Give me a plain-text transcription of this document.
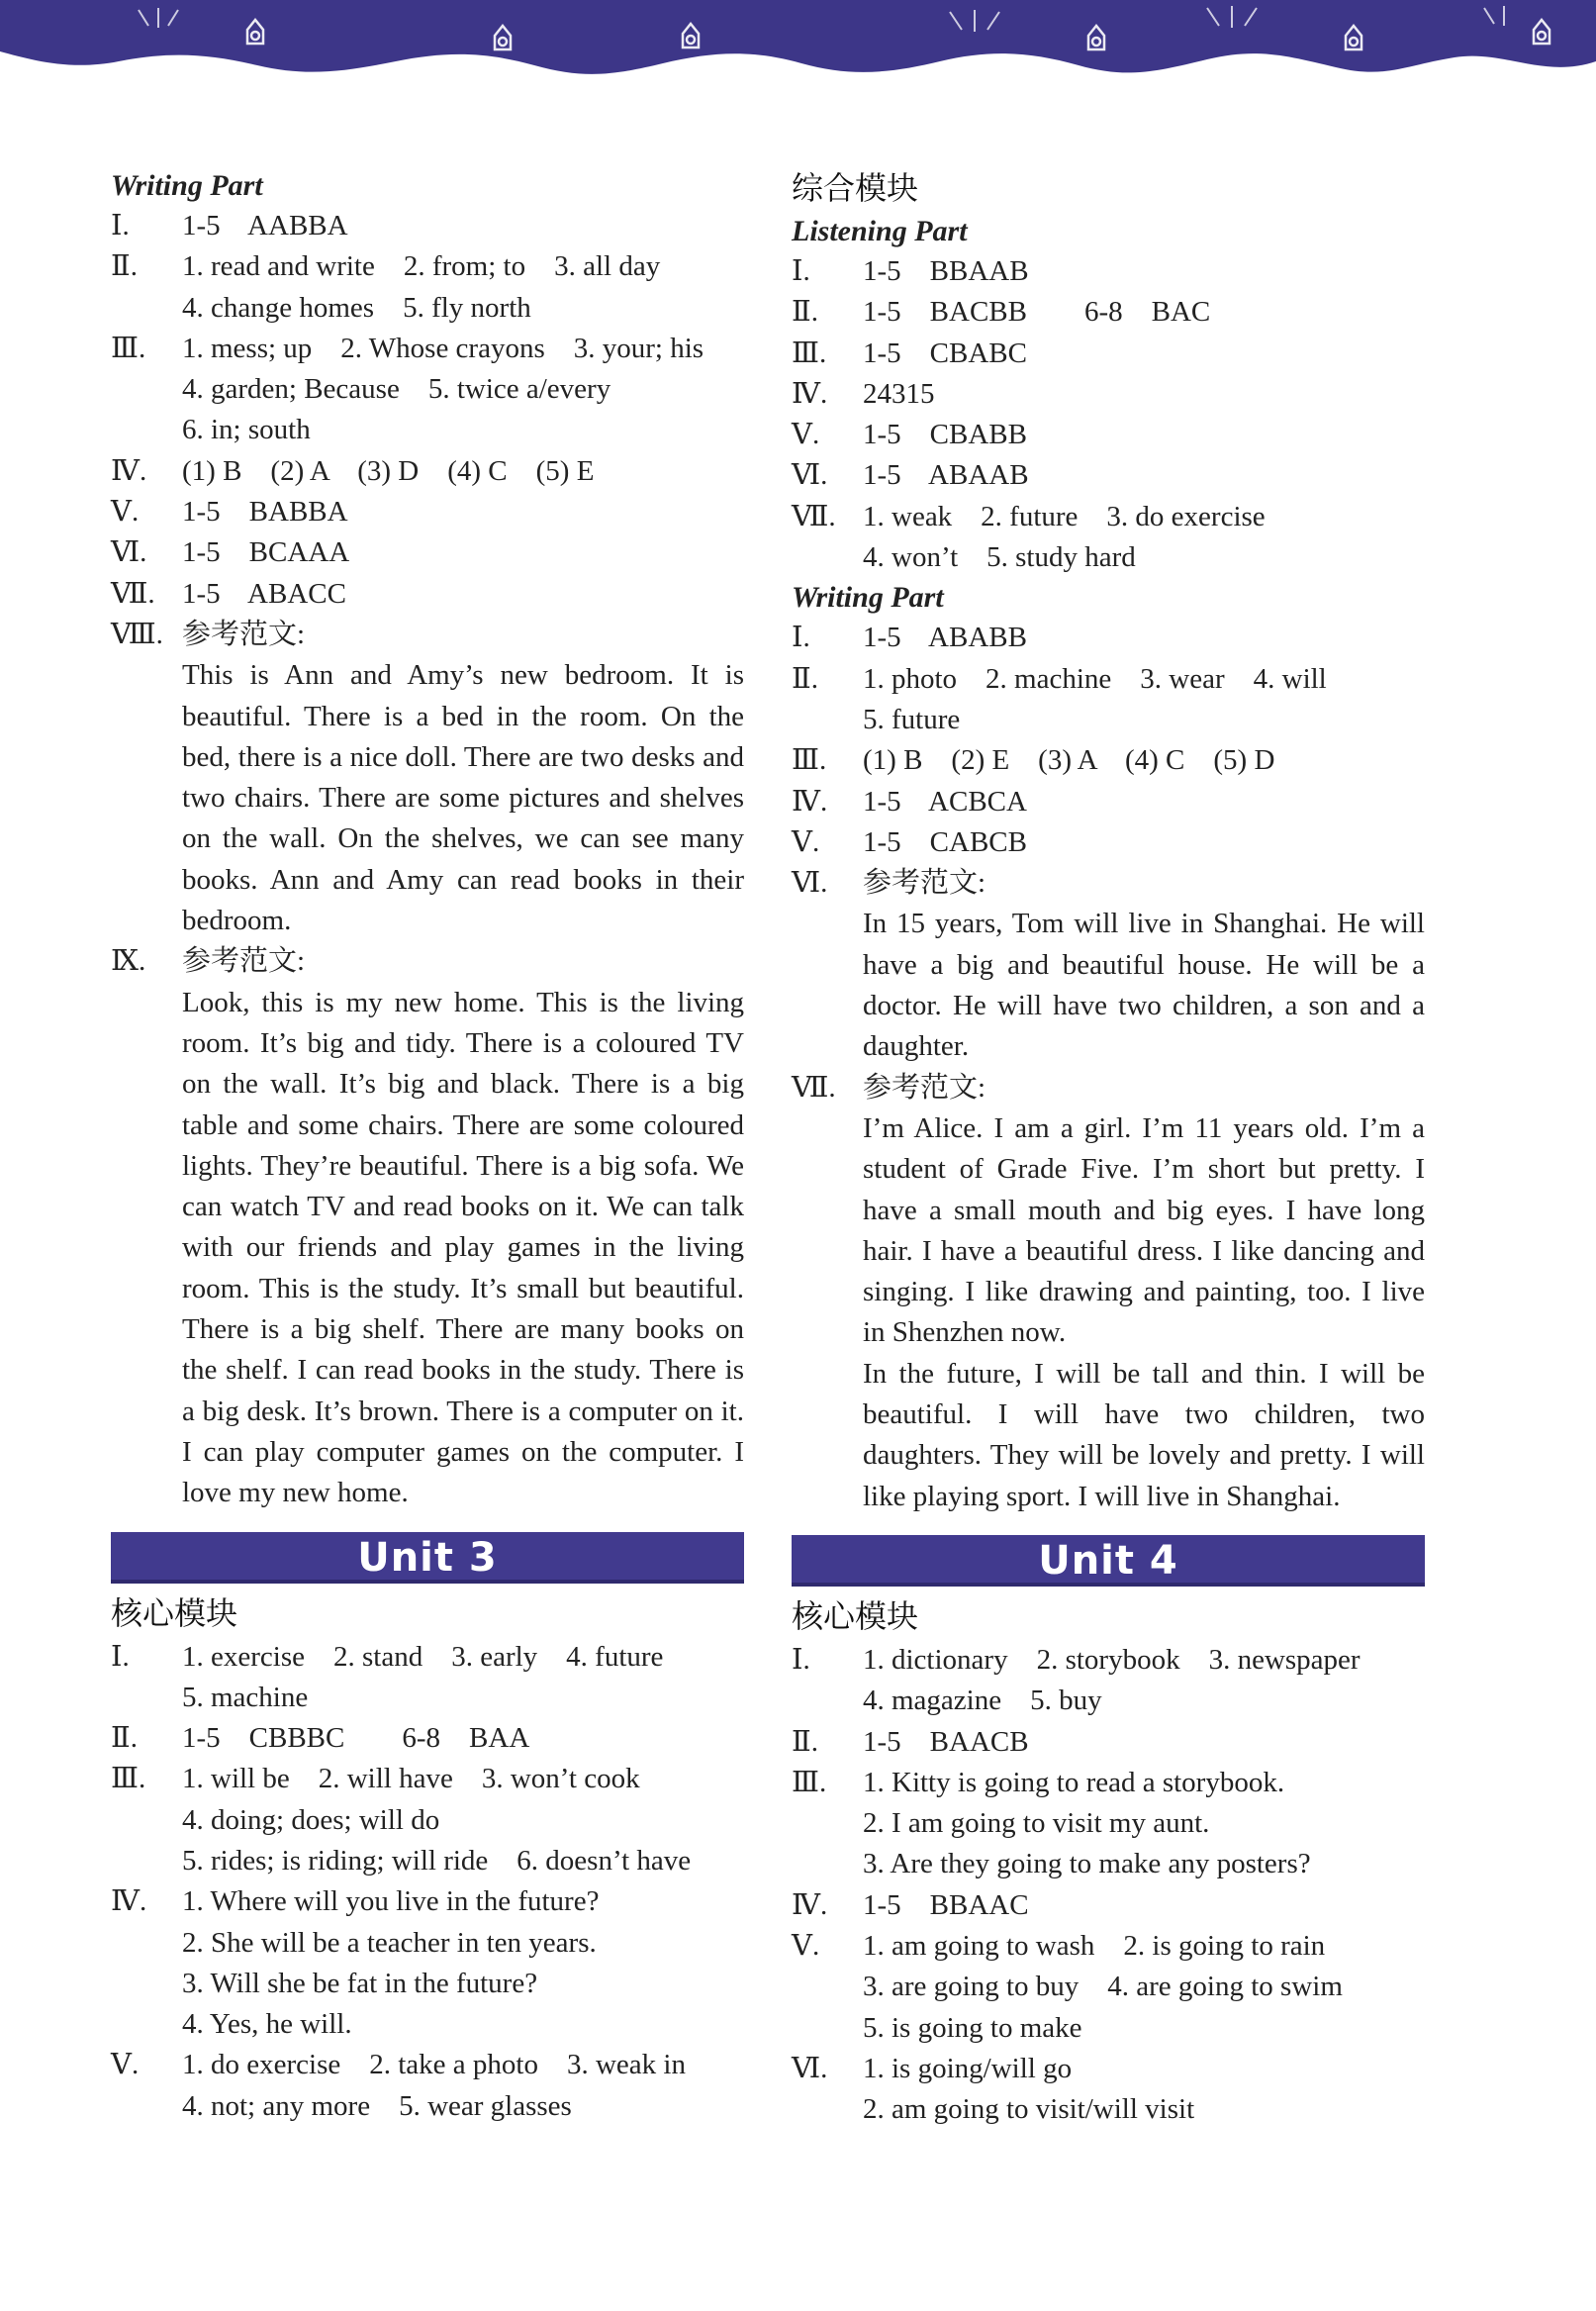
Writing Part
Ⅰ.	1-5    AABBA
Ⅱ.	1. read and write    2. from; to    3. all day
4. change homes    5. fly north
Ⅲ.	1. mess; up    2. Whose crayons    3. your; his
4. garden; Because    5. twice a/every
6. in; south
Ⅳ.	(1) B    (2) A    (3) D    (4) C    (5) E
Ⅴ.	1-5    BABBA
Ⅵ.	1-5    BCAAA
Ⅶ. 1-5    ABACC
Ⅷ. 参考范文:
This is Ann and Amy’s new bedroom. It is beautiful. There is a bed in the room. On the bed, there is a nice doll. There are two desks and two chairs. There are some pictures and shelves on the wall. On the shelves, we can see many books. Ann and Amy can read books in their bedroom.
Ⅸ.	参考范文:
Look, this is my new home. This is the living room. It’s big and tidy. There is a coloured TV on the wall. It’s big and black. There is a big table and some chairs. There are some coloured lights. They’re beautiful. There is a big sofa. We can watch TV and read books on it. We can talk with our friends and play games in the living room. This is the study. It’s small but beautiful. There is a big shelf. There are many books on the shelf. I can read books in the study. There is a big desk. It’s brown. There is a computer on it. I can play computer games on the computer. I love my new home.
Unit 3
核心模块
Ⅰ.	1. exercise    2. stand    3. early    4. future
5. machine
Ⅱ.	1-5    CBBBC        6-8    BAA
Ⅲ.	1. will be    2. will have    3. won’t cook
4. doing; does; will do
5. rides; is riding; will ride    6. doesn’t have
Ⅳ.	1. Where will you live in the future?
2. She will be a teacher in ten years.
3. Will she be fat in the future?
4. Yes, he will.
Ⅴ.	1. do exercise    2. take a photo    3. weak in
4. not; any more    5. wear glasses
综合模块
Listening Part
Ⅰ.	1-5    BBAAB
Ⅱ.	1-5    BACBB        6-8    BAC
Ⅲ.	1-5    CBABC
Ⅳ.	24315
Ⅴ.	1-5    CBABB
Ⅵ.	1-5    ABAAB
Ⅶ. 1. weak    2. future    3. do exercise
4. won’t    5. study hard
Writing Part
Ⅰ.	1-5    ABABB
Ⅱ.	1. photo    2. machine    3. wear    4. will
5. future
Ⅲ.	(1) B    (2) E    (3) A    (4) C    (5) D
Ⅳ.	1-5    ACBCA
Ⅴ.	1-5    CABCB
Ⅵ.	参考范文:
In 15 years, Tom will live in Shanghai. He will have a big and beautiful house. He will be a doctor. He will have two children, a son and a daughter.
Ⅶ. 参考范文:
I’m Alice. I am a girl. I’m 11 years old. I’m a student of Grade Five. I’m short but pretty. I have a small mouth and big eyes. I have long hair. I have a beautiful dress. I like dancing and singing. I like drawing and painting, too. I live in Shenzhen now.
In the future, I will be tall and thin. I will be beautiful. I will have two children, two daughters. They will be lovely and pretty. I will like playing sport. I will live in Shanghai.
Unit 4
核心模块
Ⅰ.	1. dictionary    2. storybook    3. newspaper
4. magazine    5. buy
Ⅱ.	1-5    BAACB
Ⅲ.	1. Kitty is going to read a storybook.
2. I am going to visit my aunt.
3. Are they going to make any posters?
Ⅳ.	1-5    BBAAC
Ⅴ.	1. am going to wash    2. is going to rain
3. are going to buy    4. are going to swim
5. is going to make
Ⅵ.	1. is going/will go
2. am going to visit/will visit
